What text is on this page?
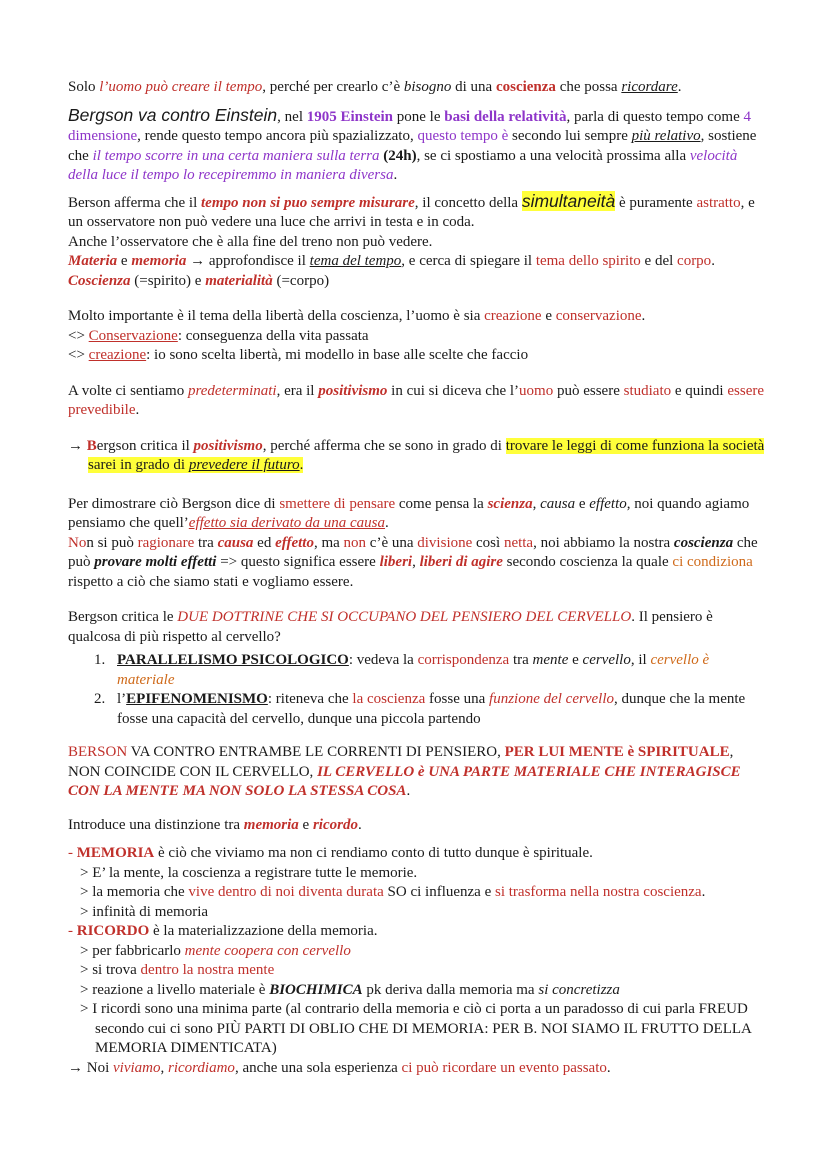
Solo l’uomo può creare il tempo, perché per crearlo c’è bisogno di una coscienza che possa ricordare.

Bergson va contro Einstein, nel 1905 Einstein pone le basi della relatività, parla di questo tempo come 4 dimensione, rende questo tempo ancora più spazializzato, questo tempo è secondo lui sempre più relativo, sostiene che il tempo scorre in una certa maniera sulla terra (24h), se ci spostiamo a una velocità prossima alla velocità della luce il tempo lo recepiremmo in maniera diversa.

Berson afferma che il tempo non si puo sempre misurare, il concetto della simultaneità è puramente astratto, e un osservatore non può vedere una luce che arrivi in testa e in coda.

Anche l’osservatore che è alla fine del treno non può vedere.

Materia e memoria → approfondisce il tema del tempo, e cerca di spiegare il tema dello spirito e del corpo. Coscienza (=spirito) e materialità (=corpo)

Molto importante è il tema della libertà della coscienza, l’uomo è sia creazione e conservazione.

<> Conservazione: conseguenza della vita passata

<> creazione: io sono scelta libertà, mi modello in base alle scelte che faccio

A volte ci sentiamo predeterminati, era il positivismo in cui si diceva che l’uomo può essere studiato e quindi essere prevedibile.

→ Bergson critica il positivismo, perché afferma che se sono in grado di trovare le leggi di come funziona la società sarei in grado di prevedere il futuro.

Per dimostrare ciò Bergson dice di smettere di pensare come pensa la scienza, causa e effetto, noi quando agiamo pensiamo che quell’effetto sia derivato da una causa.

Non si può ragionare tra causa ed effetto, ma non c’è una divisione così netta, noi abbiamo la nostra coscienza che può provare molti effetti => questo significa essere liberi, liberi di agire secondo coscienza la quale ci condiziona rispetto a ciò che siamo stati e vogliamo essere.

Bergson critica le DUE DOTTRINE CHE SI OCCUPANO DEL PENSIERO DEL CERVELLO. Il pensiero è qualcosa di più rispetto al cervello?

1. PARALLELISMO PSICOLOGICO: vedeva la corrispondenza tra mente e cervello, il cervello è materiale
2. l’EPIFENOMENISMO: riteneva che la coscienza fosse una funzione del cervello, dunque che la mente fosse una capacità del cervello, dunque una piccola partendo

BERSON VA CONTRO ENTRAMBE LE CORRENTI DI PENSIERO, PER LUI MENTE è SPIRITUALE, NON COINCIDE CON IL CERVELLO, IL CERVELLO è UNA PARTE MATERIALE CHE INTERAGISCE CON LA MENTE MA NON SOLO LA STESSA COSA.

Introduce una distinzione tra memoria e ricordo.

- MEMORIA è ciò che viviamo ma non ci rendiamo conto di tutto dunque è spirituale.

> E’ la mente, la coscienza a registrare tutte le memorie.

> la memoria che vive dentro di noi diventa durata SO ci influenza e si trasforma nella nostra coscienza.

> infinità di memoria

- RICORDO è la materializzazione della memoria.

> per fabbricarlo mente coopera con cervello

> si trova dentro la nostra mente

> reazione a livello materiale è BIOCHIMICA pk deriva dalla memoria ma si concretizza

> I ricordi sono una minima parte (al contrario della memoria e ciò ci porta a un paradosso di cui parla FREUD secondo cui ci sono PIÙ PARTI DI OBLIO CHE DI MEMORIA: PER B. NOI SIAMO IL FRUTTO DELLA MEMORIA DIMENTICATA)

→ Noi viviamo, ricordiamo, anche una sola esperienza ci può ricordare un evento passato.
